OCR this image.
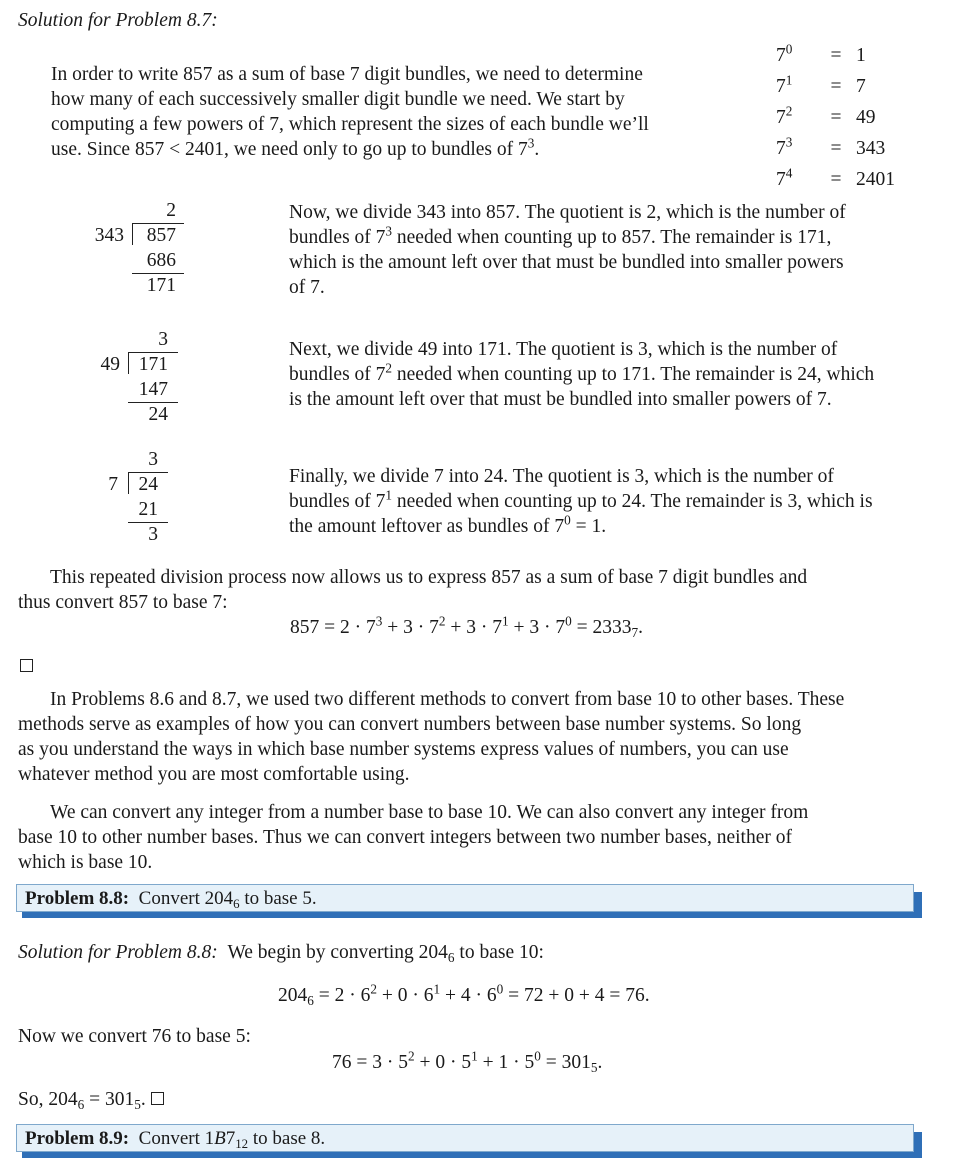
Solution for Problem 8.7:
In order to write 857 as a sum of base 7 digit bundles, we need to determine
how many of each successively smaller digit bundle we need. We start by
computing a few powers of 7, which represent the sizes of each bundle we’ll
use. Since 857 < 2401, we need only to go up to bundles of $7^3$.
$7^0$	= 1
$7^1$	= 7
$7^2$	= 49
$7^3$	= 343
$7^4$	= 2401
2
343 857
686
171
Now, we divide 343 into 857. The quotient is 2, which is the number of
bundles of $7^3$ needed when counting up to 857. The remainder is 171,
which is the amount left over that must be bundled into smaller powers
of 7.
3
49 171
147
24
Next, we divide 49 into 171. The quotient is 3, which is the number of
bundles of $7^2$ needed when counting up to 171. The remainder is 24, which
is the amount left over that must be bundled into smaller powers of 7.
3
7 24
21
3
Finally, we divide 7 into 24. The quotient is 3, which is the number of
bundles of $7^1$ needed when counting up to 24. The remainder is 3, which is
the amount leftover as bundles of $7^0 = 1$.
This repeated division process now allows us to express 857 as a sum of base 7 digit bundles and
thus convert 857 to base 7:
$857 = 2 \cdot 7^3 + 3 \cdot 7^2 + 3 \cdot 7^1 + 3 \cdot 7^0 = 2333_7$.
In Problems 8.6 and 8.7, we used two different methods to convert from base 10 to other bases. These
methods serve as examples of how you can convert numbers between base number systems. So long
as you understand the ways in which base number systems express values of numbers, you can use
whatever method you are most comfortable using.
We can convert any integer from a number base to base 10. We can also convert any integer from
base 10 to other number bases. Thus we can convert integers between two number bases, neither of
which is base 10.
Problem 8.8: Convert $204_6$ to base 5.
Solution for Problem 8.8: We begin by converting $204_6$ to base 10:
$204_6 = 2 \cdot 6^2 + 0 \cdot 6^1 + 4 \cdot 6^0 = 72 + 0 + 4 = 76$.
Now we convert 76 to base 5:
$76 = 3 \cdot 5^2 + 0 \cdot 5^1 + 1 \cdot 5^0 = 301_5$.
So, $204_6 = 301_5$.
Problem 8.9: Convert $1B7_{12}$ to base 8.
